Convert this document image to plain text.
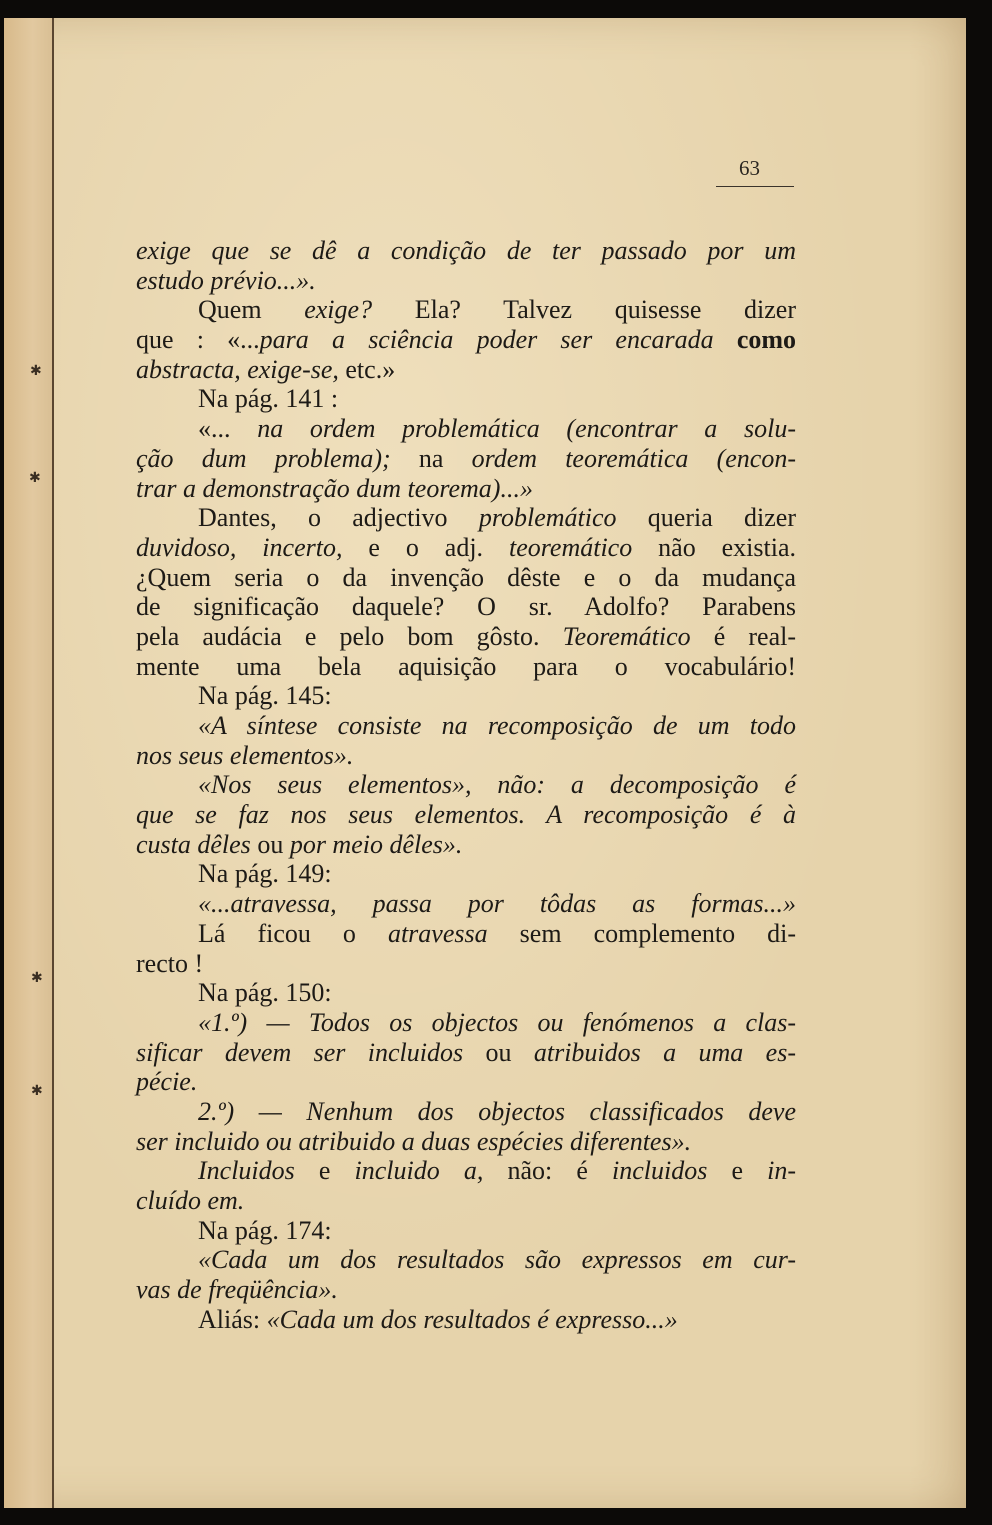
✱
✱
✱
✱
63
exige que se dê a condição de ter passado por um
estudo prévio...».
Quem exige? Ela? Talvez quisesse dizer
que : «...para a sciência poder ser encarada como
abstracta, exige-se, etc.»
Na pág. 141 :
«... na ordem problemática (encontrar a solu-
ção dum problema); na ordem teoremática (encon-
trar a demonstração dum teorema)...»
Dantes, o adjectivo problemático queria dizer
duvidoso, incerto, e o adj. teoremático não existia.
¿Quem seria o da invenção dêste e o da mudança
de significação daquele? O sr. Adolfo? Parabens
pela audácia e pelo bom gôsto. Teoremático é real-
mente uma bela aquisição para o vocabulário!
Na pág. 145:
«A síntese consiste na recomposição de um todo
nos seus elementos».
«Nos seus elementos», não: a decomposição é
que se faz nos seus elementos. A recomposição é à
custa dêles ou por meio dêles».
Na pág. 149:
«...atravessa, passa por tôdas as formas...»
Lá ficou o atravessa sem complemento di-
recto !
Na pág. 150:
«1.º) — Todos os objectos ou fenómenos a clas-
sificar devem ser incluidos ou atribuidos a uma es-
pécie.
2.º) — Nenhum dos objectos classificados deve
ser incluido ou atribuido a duas espécies diferentes».
Incluidos e incluido a, não: é incluidos e in-
cluído em.
Na pág. 174:
«Cada um dos resultados são expressos em cur-
vas de freqüência».
Aliás: «Cada um dos resultados é expresso...»
